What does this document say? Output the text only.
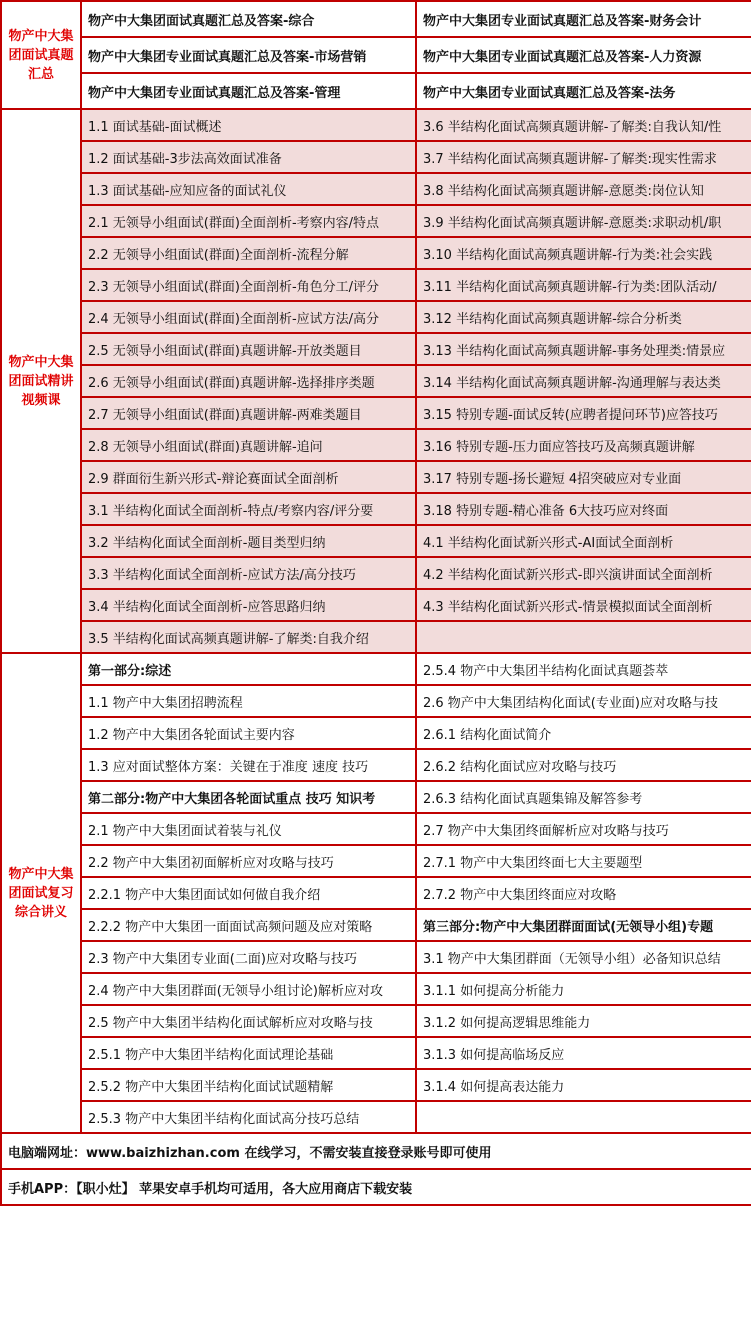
物产中大集团面试真题汇总	物产中大集团面试真题汇总及答案-综合	物产中大集团专业面试真题汇总及答案-财务会计
	物产中大集团专业面试真题汇总及答案-市场营销	物产中大集团专业面试真题汇总及答案-人力资源
	物产中大集团专业面试真题汇总及答案-管理	物产中大集团专业面试真题汇总及答案-法务
物产中大集团面试精讲视频课	1.1 面试基础-面试概述	3.6 半结构化面试高频真题讲解-了解类:自我认知/性
	1.2 面试基础-3步法高效面试准备	3.7 半结构化面试高频真题讲解-了解类:现实性需求
	1.3 面试基础-应知应备的面试礼仪	3.8 半结构化面试高频真题讲解-意愿类:岗位认知
	2.1 无领导小组面试(群面)全面剖析-考察内容/特点	3.9 半结构化面试高频真题讲解-意愿类:求职动机/职
	2.2 无领导小组面试(群面)全面剖析-流程分解	3.10 半结构化面试高频真题讲解-行为类:社会实践
	2.3 无领导小组面试(群面)全面剖析-角色分工/评分	3.11 半结构化面试高频真题讲解-行为类:团队活动/
	2.4 无领导小组面试(群面)全面剖析-应试方法/高分	3.12 半结构化面试高频真题讲解-综合分析类
	2.5 无领导小组面试(群面)真题讲解-开放类题目	3.13 半结构化面试高频真题讲解-事务处理类:情景应
	2.6 无领导小组面试(群面)真题讲解-选择排序类题	3.14 半结构化面试高频真题讲解-沟通理解与表达类
	2.7 无领导小组面试(群面)真题讲解-两难类题目	3.15 特别专题-面试反转(应聘者提问环节)应答技巧
	2.8 无领导小组面试(群面)真题讲解-追问	3.16 特别专题-压力面应答技巧及高频真题讲解
	2.9 群面衍生新兴形式-辩论赛面试全面剖析	3.17 特别专题-扬长避短 4招突破应对专业面
	3.1 半结构化面试全面剖析-特点/考察内容/评分要	3.18 特别专题-精心准备 6大技巧应对终面
	3.2 半结构化面试全面剖析-题目类型归纳	4.1 半结构化面试新兴形式-AI面试全面剖析
	3.3 半结构化面试全面剖析-应试方法/高分技巧	4.2 半结构化面试新兴形式-即兴演讲面试全面剖析
	3.4 半结构化面试全面剖析-应答思路归纳	4.3 半结构化面试新兴形式-情景模拟面试全面剖析
	3.5 半结构化面试高频真题讲解-了解类:自我介绍	
物产中大集团面试复习综合讲义	第一部分:综述	2.5.4 物产中大集团半结构化面试真题荟萃
	1.1 物产中大集团招聘流程	2.6 物产中大集团结构化面试(专业面)应对攻略与技
	1.2 物产中大集团各轮面试主要内容	2.6.1 结构化面试简介
	1.3 应对面试整体方案：关键在于准度 速度 技巧	2.6.2 结构化面试应对攻略与技巧
	第二部分:物产中大集团各轮面试重点 技巧 知识考	2.6.3 结构化面试真题集锦及解答参考
	2.1 物产中大集团面试着装与礼仪	2.7 物产中大集团终面解析应对攻略与技巧
	2.2 物产中大集团初面解析应对攻略与技巧	2.7.1 物产中大集团终面七大主要题型
	2.2.1 物产中大集团面试如何做自我介绍	2.7.2 物产中大集团终面应对攻略
	2.2.2 物产中大集团一面面试高频问题及应对策略	第三部分:物产中大集团群面面试(无领导小组)专题
	2.3 物产中大集团专业面(二面)应对攻略与技巧	3.1 物产中大集团群面（无领导小组）必备知识总结
	2.4 物产中大集团群面(无领导小组讨论)解析应对攻	3.1.1 如何提高分析能力
	2.5 物产中大集团半结构化面试解析应对攻略与技	3.1.2 如何提高逻辑思维能力
	2.5.1 物产中大集团半结构化面试理论基础	3.1.3 如何提高临场反应
	2.5.2 物产中大集团半结构化面试试题精解	3.1.4 如何提高表达能力
	2.5.3 物产中大集团半结构化面试高分技巧总结	
电脑端网址：www.baizhizhan.com 在线学习，不需安装直接登录账号即可使用		
手机APP：【职小灶】 苹果安卓手机均可适用，各大应用商店下载安装		
